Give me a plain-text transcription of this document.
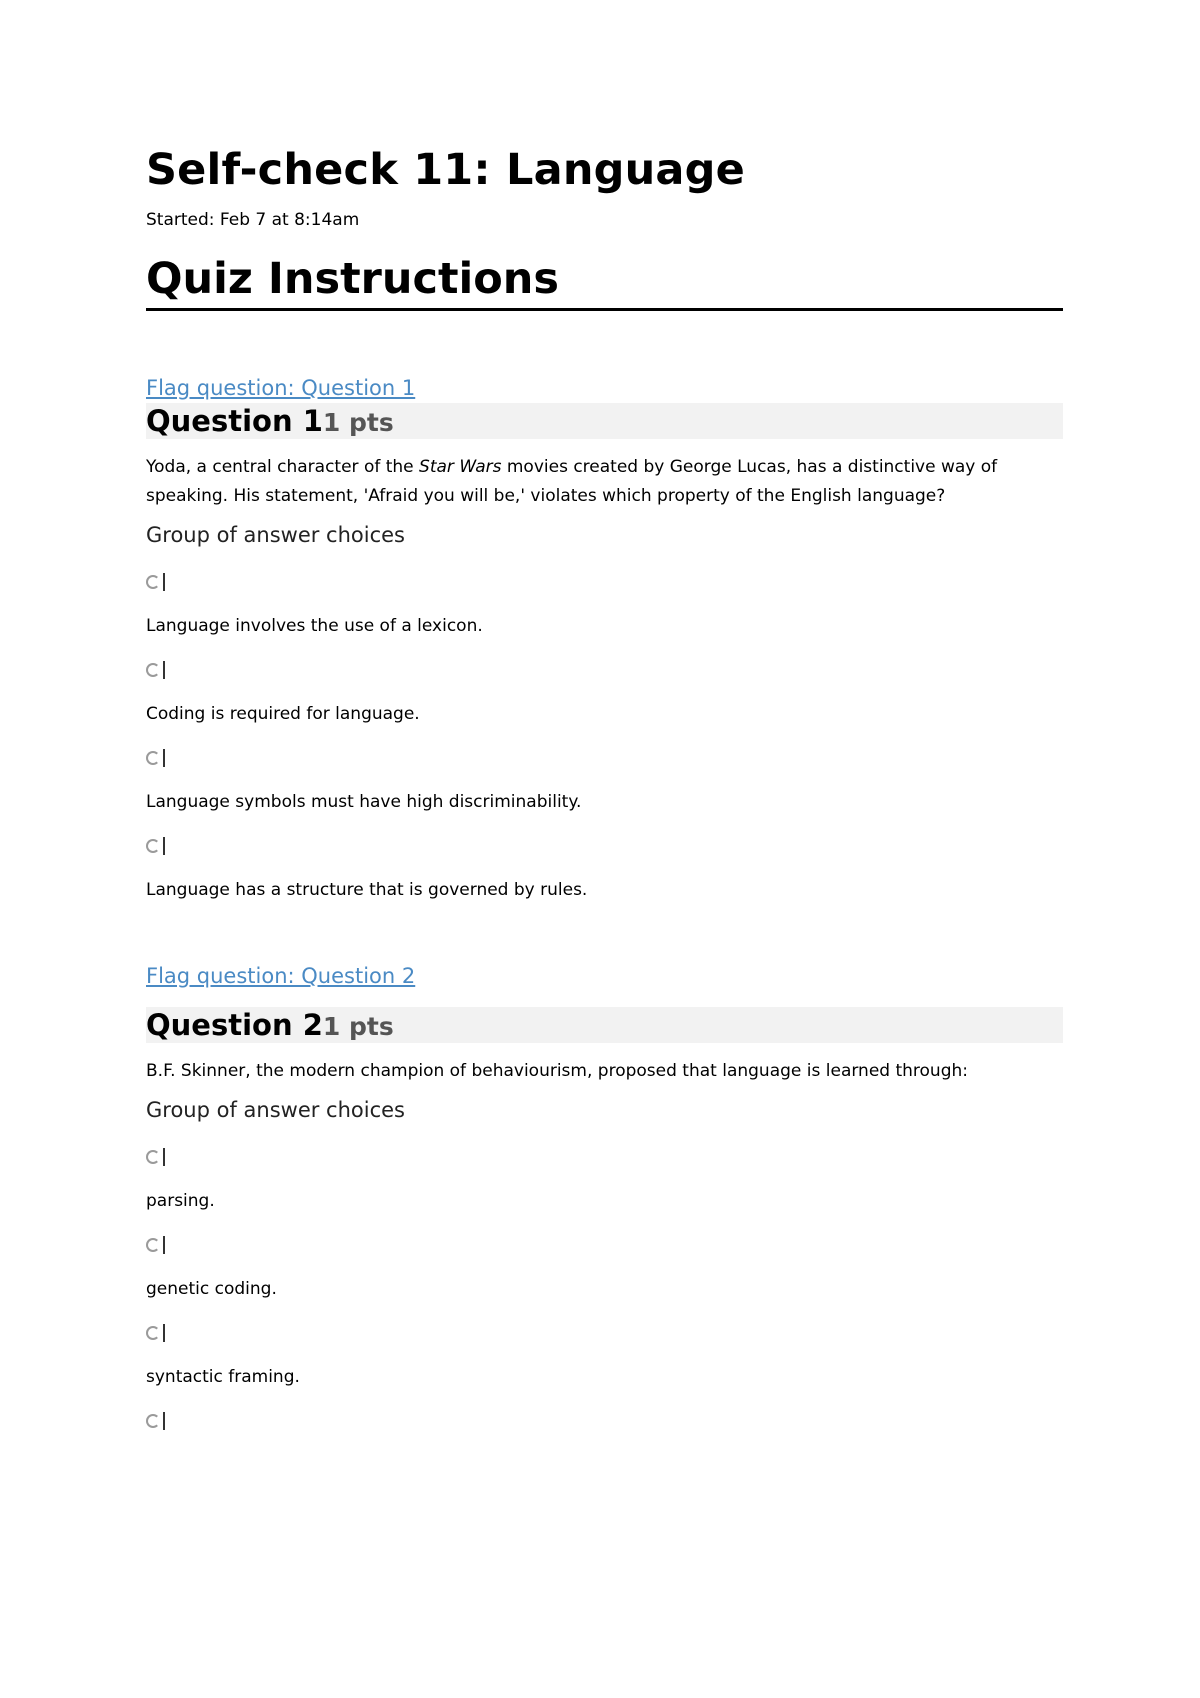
Self-check 11: Language

Started: Feb 7 at 8:14am

Quiz Instructions
Flag question: Question 1
Question 11 pts

Yoda, a central character of the Star Wars movies created by George Lucas, has a distinctive way of speaking. His statement, 'Afraid you will be,' violates which property of the English language?

Group of answer choices

Language involves the use of a lexicon.

Coding is required for language.

Language symbols must have high discriminability.

Language has a structure that is governed by rules.

Flag question: Question 2
Question 21 pts

B.F. Skinner, the modern champion of behaviourism, proposed that language is learned through:

Group of answer choices

parsing.

genetic coding.

syntactic framing.
